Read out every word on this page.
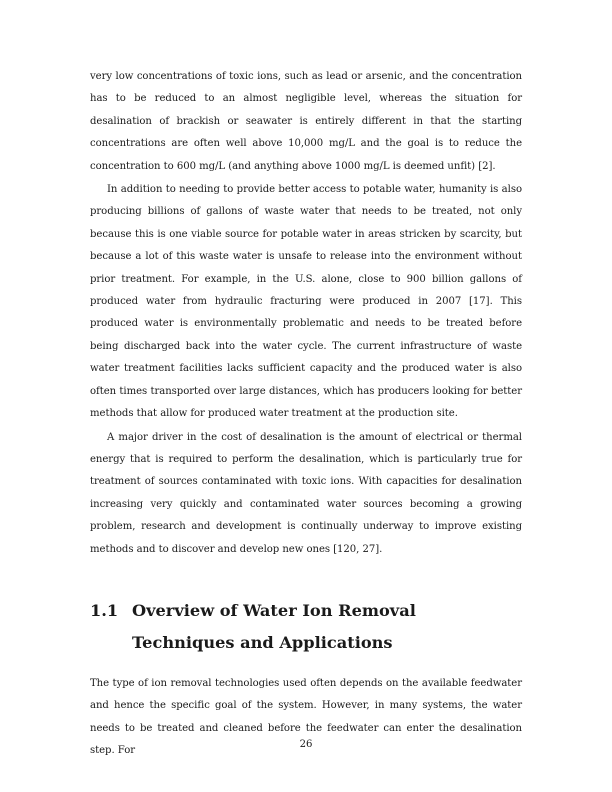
very low concentrations of toxic ions, such as lead or arsenic, and the concentration has to be reduced to an almost negligible level, whereas the situation for desalination of brackish or seawater is entirely different in that the starting concentrations are often well above 10,000 mg/L and the goal is to reduce the concentration to 600 mg/L (and anything above 1000 mg/L is deemed unfit) [2].

In addition to needing to provide better access to potable water, humanity is also producing billions of gallons of waste water that needs to be treated, not only because this is one viable source for potable water in areas stricken by scarcity, but because a lot of this waste water is unsafe to release into the environment without prior treatment. For example, in the U.S. alone, close to 900 billion gallons of produced water from hydraulic fracturing were produced in 2007 [17]. This produced water is environmentally problematic and needs to be treated before being discharged back into the water cycle. The current infrastructure of waste water treatment facilities lacks sufficient capacity and the produced water is also often times transported over large distances, which has producers looking for better methods that allow for produced water treatment at the production site.

A major driver in the cost of desalination is the amount of electrical or thermal energy that is required to perform the desalination, which is particularly true for treatment of sources contaminated with toxic ions. With capacities for desalination increasing very quickly and contaminated water sources becoming a growing problem, research and development is continually underway to improve existing methods and to discover and develop new ones [120, 27].

1.1 Overview of Water Ion Removal Techniques and Applications

The type of ion removal technologies used often depends on the available feedwater and hence the specific goal of the system. However, in many systems, the water needs to be treated and cleaned before the feedwater can enter the desalination step. For

26
